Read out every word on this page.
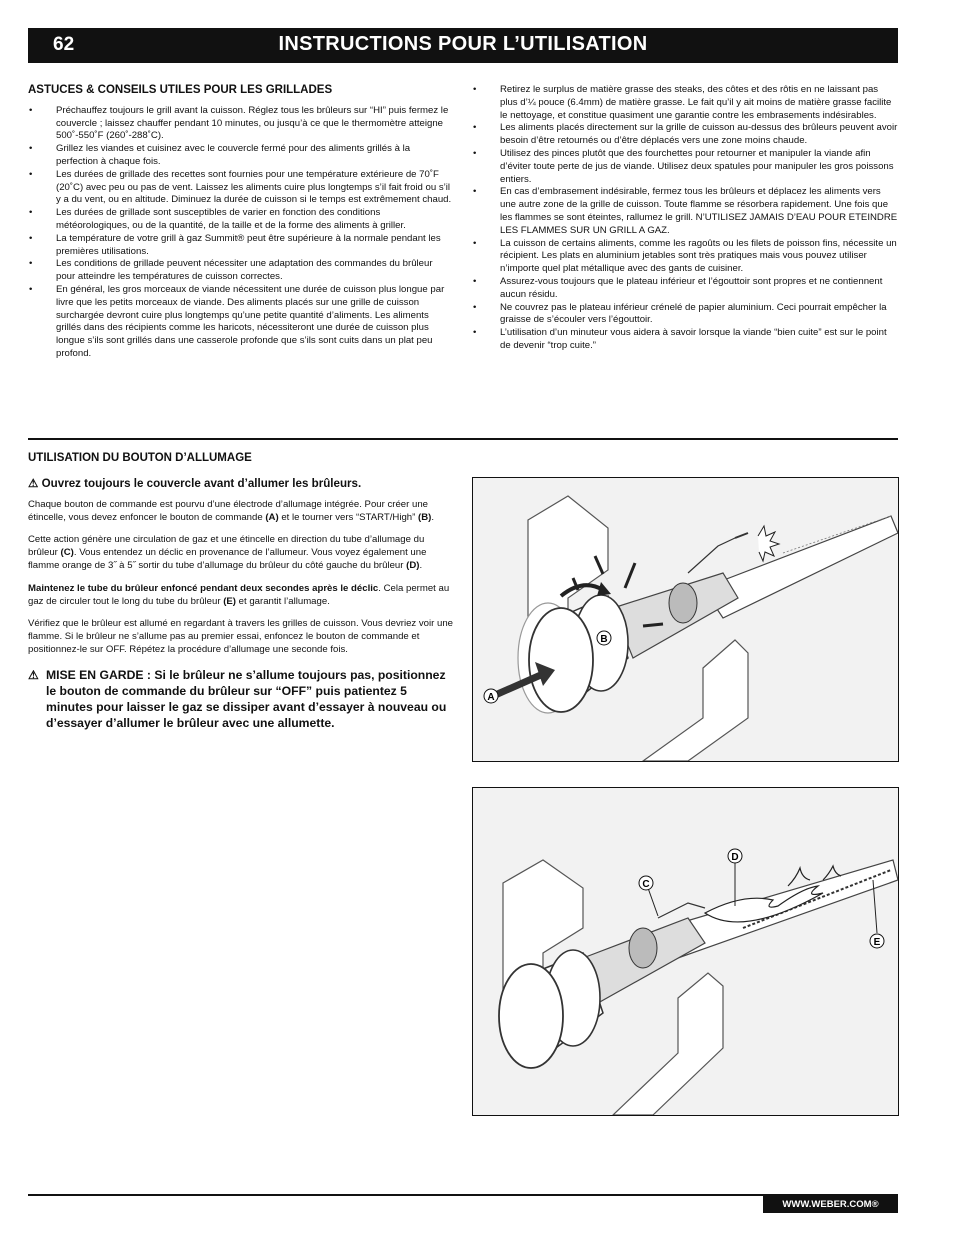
62	INSTRUCTIONS POUR L’UTILISATION
ASTUCES & CONSEILS UTILES POUR LES GRILLADES
• Préchauffez toujours le grill avant la cuisson. Réglez tous les brûleurs sur “HI” puis fermez le couvercle ; laissez chauffer pendant 10 minutes, ou jusqu’à ce que le thermomètre atteigne 500˚-550˚F (260˚-288˚C).
• Grillez les viandes et cuisinez avec le couvercle fermé pour des aliments grillés à la perfection à chaque fois.
• Les durées de grillade des recettes sont fournies pour une température extérieure de 70˚F (20˚C) avec peu ou pas de vent. Laissez les aliments cuire plus longtemps s’il fait froid ou s’il y a du vent, ou en altitude. Diminuez la durée de cuisson si le temps est extrêmement chaud.
• Les durées de grillade sont susceptibles de varier en fonction des conditions météorologiques, ou de la quantité, de la taille et de la forme des aliments à griller.
• La température de votre grill à gaz Summit® peut être supérieure à la normale pendant les premières utilisations.
• Les conditions de grillade peuvent nécessiter une adaptation des commandes du brûleur pour atteindre les températures de cuisson correctes.
• En général, les gros morceaux de viande nécessitent une durée de cuisson plus longue par livre que les petits morceaux de viande. Des aliments placés sur une grille de cuisson surchargée devront cuire plus longtemps qu’une petite quantité d’aliments. Les aliments grillés dans des récipients comme les haricots, nécessiteront une durée de cuisson plus longue s’ils sont grillés dans une casserole profonde que s’ils sont cuits dans un plat peu profond.
• Retirez le surplus de matière grasse des steaks, des côtes et des rôtis en ne laissant pas plus d’¼ pouce (6.4mm) de matière grasse. Le fait qu’il y ait moins de matière grasse facilite le nettoyage, et constitue quasiment une garantie contre les embrasements indésirables.
• Les aliments placés directement sur la grille de cuisson au-dessus des brûleurs peuvent avoir besoin d’être retournés ou d’être déplacés vers une zone moins chaude.
• Utilisez des pinces plutôt que des fourchettes pour retourner et manipuler la viande afin d’éviter toute perte de jus de viande. Utilisez deux spatules pour manipuler les gros poissons entiers.
• En cas d’embrasement indésirable, fermez tous les brûleurs et déplacez les aliments vers une autre zone de la grille de cuisson. Toute flamme se résorbera rapidement. Une fois que les flammes se sont éteintes, rallumez le grill. N’UTILISEZ JAMAIS D’EAU POUR ETEINDRE LES FLAMMES SUR UN GRILL A GAZ.
• La cuisson de certains aliments, comme les ragoûts ou les filets de poisson fins, nécessite un récipient. Les plats en aluminium jetables sont très pratiques mais vous pouvez utiliser n’importe quel plat métallique avec des gants de cuisiner.
• Assurez-vous toujours que le plateau inférieur et l’égouttoir sont propres et ne contiennent aucun résidu.
• Ne couvrez pas le plateau inférieur crénelé de papier aluminium. Ceci pourrait empêcher la graisse de s’écouler vers l’égouttoir.
• L’utilisation d’un minuteur vous aidera à savoir lorsque la viande “bien cuite” est sur le point de devenir “trop cuite.”
UTILISATION DU BOUTON D’ALLUMAGE
⚠ Ouvrez toujours le couvercle avant d’allumer les brûleurs.

Chaque bouton de commande est pourvu d’une électrode d’allumage intégrée. Pour créer une étincelle, vous devez enfoncer le bouton de commande (A) et le tourner vers “START/High” (B).

Cette action génère une circulation de gaz et une étincelle en direction du tube d’allumage du brûleur (C). Vous entendez un déclic en provenance de l’allumeur. Vous voyez également une flamme orange de 3˝ à 5˝ sortir du tube d’allumage du brûleur du côté gauche du brûleur (D).

Maintenez le tube du brûleur enfoncé pendant deux secondes après le déclic. Cela permet au gaz de circuler tout le long du tube du brûleur (E) et garantit l’allumage.

Vérifiez que le brûleur est allumé en regardant à travers les grilles de cuisson. Vous devriez voir une flamme. Si le brûleur ne s’allume pas au premier essai, enfoncez le bouton de commande et positionnez-le sur OFF. Répétez la procédure d’allumage une seconde fois.

⚠ MISE EN GARDE : Si le brûleur ne s’allume toujours pas, positionnez le bouton de commande du brûleur sur “OFF” puis patientez 5 minutes pour laisser le gaz se dissiper avant d’essayer à nouveau ou d’essayer d’allumer le brûleur avec une allumette.
B
A
C
D
E
WWW.WEBER.COM®
